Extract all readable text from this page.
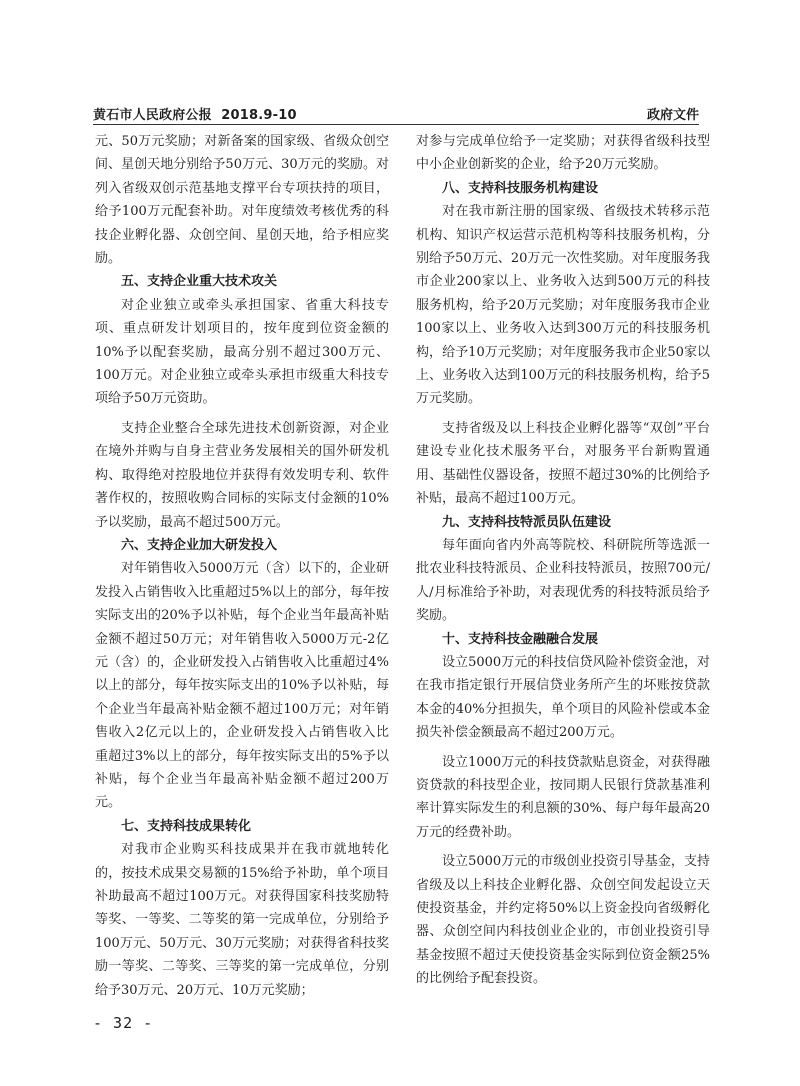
黄石市人民政府公报 2018.9-10	政府文件

元、50万元奖励；对新备案的国家级、省级众创空间、星创天地分别给予50万元、30万元的奖励。对列入省级双创示范基地支撑平台专项扶持的项目，给予100万元配套补助。对年度绩效考核优秀的科技企业孵化器、众创空间、星创天地，给予相应奖励。

五、支持企业重大技术攻关

对企业独立或牵头承担国家、省重大科技专项、重点研发计划项目的，按年度到位资金额的10%予以配套奖励，最高分别不超过300万元、100万元。对企业独立或牵头承担市级重大科技专项给予50万元资助。

支持企业整合全球先进技术创新资源，对企业在境外并购与自身主营业务发展相关的国外研发机构、取得绝对控股地位并获得有效发明专利、软件著作权的，按照收购合同标的实际支付金额的10%予以奖励，最高不超过500万元。

六、支持企业加大研发投入

对年销售收入5000万元（含）以下的，企业研发投入占销售收入比重超过5%以上的部分，每年按实际支出的20%予以补贴，每个企业当年最高补贴金额不超过50万元；对年销售收入5000万元-2亿元（含）的，企业研发投入占销售收入比重超过4%以上的部分，每年按实际支出的10%予以补贴，每个企业当年最高补贴金额不超过100万元；对年销售收入2亿元以上的，企业研发投入占销售收入比重超过3%以上的部分，每年按实际支出的5%予以补贴，每个企业当年最高补贴金额不超过200万元。

七、支持科技成果转化

对我市企业购买科技成果并在我市就地转化的，按技术成果交易额的15%给予补助，单个项目补助最高不超过100万元。对获得国家科技奖励特等奖、一等奖、二等奖的第一完成单位，分别给予100万元、50万元、30万元奖励；对获得省科技奖励一等奖、二等奖、三等奖的第一完成单位，分别给予30万元、20万元、10万元奖励；

对参与完成单位给予一定奖励；对获得省级科技型中小企业创新奖的企业，给予20万元奖励。

八、支持科技服务机构建设

对在我市新注册的国家级、省级技术转移示范机构、知识产权运营示范机构等科技服务机构，分别给予50万元、20万元一次性奖励。对年度服务我市企业200家以上、业务收入达到500万元的科技服务机构，给予20万元奖励；对年度服务我市企业100家以上、业务收入达到300万元的科技服务机构，给予10万元奖励；对年度服务我市企业50家以上、业务收入达到100万元的科技服务机构，给予5万元奖励。

支持省级及以上科技企业孵化器等“双创”平台建设专业化技术服务平台，对服务平台新购置通用、基础性仪器设备，按照不超过30%的比例给予补贴，最高不超过100万元。

九、支持科技特派员队伍建设

每年面向省内外高等院校、科研院所等选派一批农业科技特派员、企业科技特派员，按照700元/人/月标准给予补助，对表现优秀的科技特派员给予奖励。

十、支持科技金融融合发展

设立5000万元的科技信贷风险补偿资金池，对在我市指定银行开展信贷业务所产生的坏账按贷款本金的40%分担损失，单个项目的风险补偿或本金损失补偿金额最高不超过200万元。

设立1000万元的科技贷款贴息资金，对获得融资贷款的科技型企业，按同期人民银行贷款基准利率计算实际发生的利息额的30%、每户每年最高20万元的经费补助。

设立5000万元的市级创业投资引导基金，支持省级及以上科技企业孵化器、众创空间发起设立天使投资基金，并约定将50%以上资金投向省级孵化器、众创空间内科技创业企业的，市创业投资引导基金按照不超过天使投资基金实际到位资金额25%的比例给予配套投资。

- 32 -
